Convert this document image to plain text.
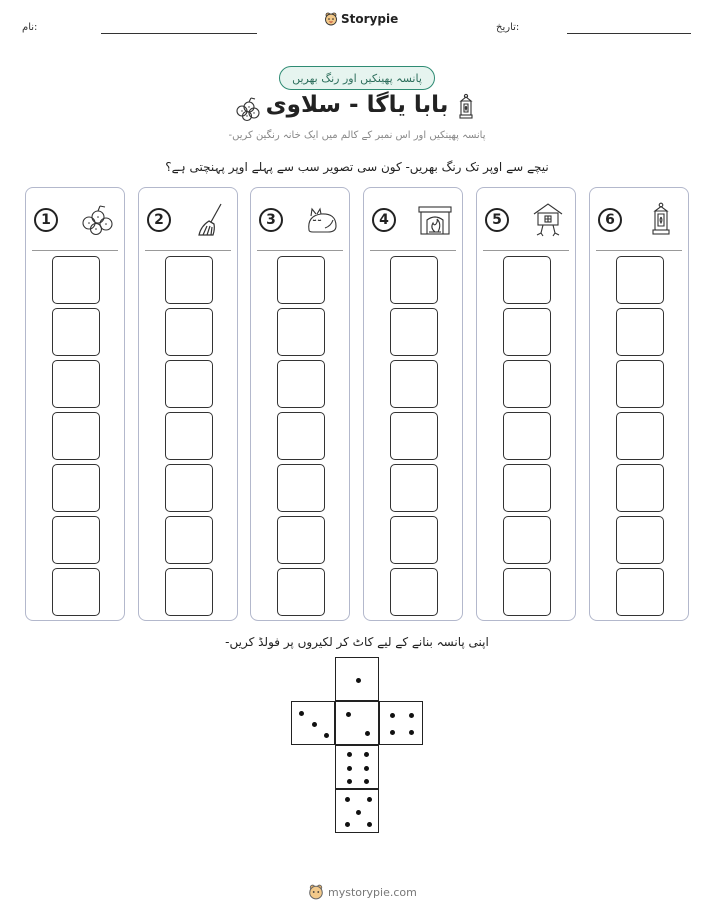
نام:
Storypie
تاریخ:
پانسہ پھینکیں اور رنگ بھریں
بابا یاگا - سلاوی
پانسہ پھینکیں اور اس نمبر کے کالم میں ایک خانہ رنگین کریں-
نیچے سے اوپر تک رنگ بھریں- کون سی تصویر سب سے پہلے اوپر پہنچتی ہے؟
1	2	3	4	5	6
اپنی پانسہ بنانے کے لیے کاٹ کر لکیروں پر فولڈ کریں-
mystorypie.com
